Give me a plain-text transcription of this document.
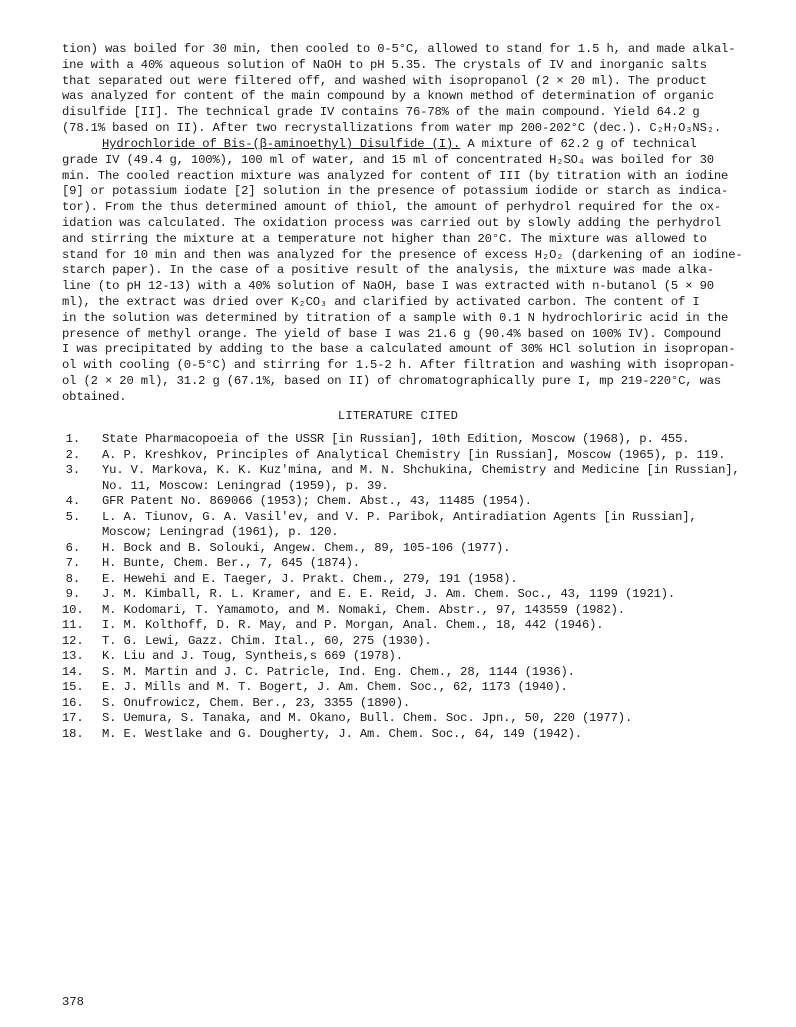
tion) was boiled for 30 min, then cooled to 0-5°C, allowed to stand for 1.5 h, and made alkal-
ine with a 40% aqueous solution of NaOH to pH 5.35. The crystals of IV and inorganic salts
that separated out were filtered off, and washed with isopropanol (2 × 20 ml). The product
was analyzed for content of the main compound by a known method of determination of organic
disulfide [II]. The technical grade IV contains 76-78% of the main compound. Yield 64.2 g
(78.1% based on II). After two recrystallizations from water mp 200-202°C (dec.). C₂H₇O₃NS₂.
Hydrochloride of Bis-(β-aminoethyl) Disulfide (I). A mixture of 62.2 g of technical
grade IV (49.4 g, 100%), 100 ml of water, and 15 ml of concentrated H₂SO₄ was boiled for 30
min. The cooled reaction mixture was analyzed for content of III (by titration with an iodine
[9] or potassium iodate [2] solution in the presence of potassium iodide or starch as indica-
tor). From the thus determined amount of thiol, the amount of perhydrol required for the ox-
idation was calculated. The oxidation process was carried out by slowly adding the perhydrol
and stirring the mixture at a temperature not higher than 20°C. The mixture was allowed to
stand for 10 min and then was analyzed for the presence of excess H₂O₂ (darkening of an iodine-
starch paper). In the case of a positive result of the analysis, the mixture was made alka-
line (to pH 12-13) with a 40% solution of NaOH, base I was extracted with n-butanol (5 × 90
ml), the extract was dried over K₂CO₃ and clarified by activated carbon. The content of I
in the solution was determined by titration of a sample with 0.1 N hydrochloriric acid in the
presence of methyl orange. The yield of base I was 21.6 g (90.4% based on 100% IV). Compound
I was precipitated by adding to the base a calculated amount of 30% HCl solution in isopropan-
ol with cooling (0-5°C) and stirring for 1.5-2 h. After filtration and washing with isopropan-
ol (2 × 20 ml), 31.2 g (67.1%, based on II) of chromatographically pure I, mp 219-220°C, was
obtained.
LITERATURE CITED
1. State Pharmacopoeia of the USSR [in Russian], 10th Edition, Moscow (1968), p. 455.
2. A. P. Kreshkov, Principles of Analytical Chemistry [in Russian], Moscow (1965), p. 119.
3. Yu. V. Markova, K. K. Kuz'mina, and M. N. Shchukina, Chemistry and Medicine [in Russian],
No. 11, Moscow: Leningrad (1959), p. 39.
4. GFR Patent No. 869066 (1953); Chem. Abst., 43, 11485 (1954).
5. L. A. Tiunov, G. A. Vasil'ev, and V. P. Paribok, Antiradiation Agents [in Russian],
Moscow; Leningrad (1961), p. 120.
6. H. Bock and B. Solouki, Angew. Chem., 89, 105-106 (1977).
7. H. Bunte, Chem. Ber., 7, 645 (1874).
8. E. Hewehi and E. Taeger, J. Prakt. Chem., 279, 191 (1958).
9. J. M. Kimball, R. L. Kramer, and E. E. Reid, J. Am. Chem. Soc., 43, 1199 (1921).
10. M. Kodomari, T. Yamamoto, and M. Nomaki, Chem. Abstr., 97, 143559 (1982).
11. I. M. Kolthoff, D. R. May, and P. Morgan, Anal. Chem., 18, 442 (1946).
12. T. G. Lewi, Gazz. Chim. Ital., 60, 275 (1930).
13. K. Liu and J. Toug, Syntheis,s 669 (1978).
14. S. M. Martin and J. C. Patricle, Ind. Eng. Chem., 28, 1144 (1936).
15. E. J. Mills and M. T. Bogert, J. Am. Chem. Soc., 62, 1173 (1940).
16. S. Onufrowicz, Chem. Ber., 23, 3355 (1890).
17. S. Uemura, S. Tanaka, and M. Okano, Bull. Chem. Soc. Jpn., 50, 220 (1977).
18. M. E. Westlake and G. Dougherty, J. Am. Chem. Soc., 64, 149 (1942).
378
